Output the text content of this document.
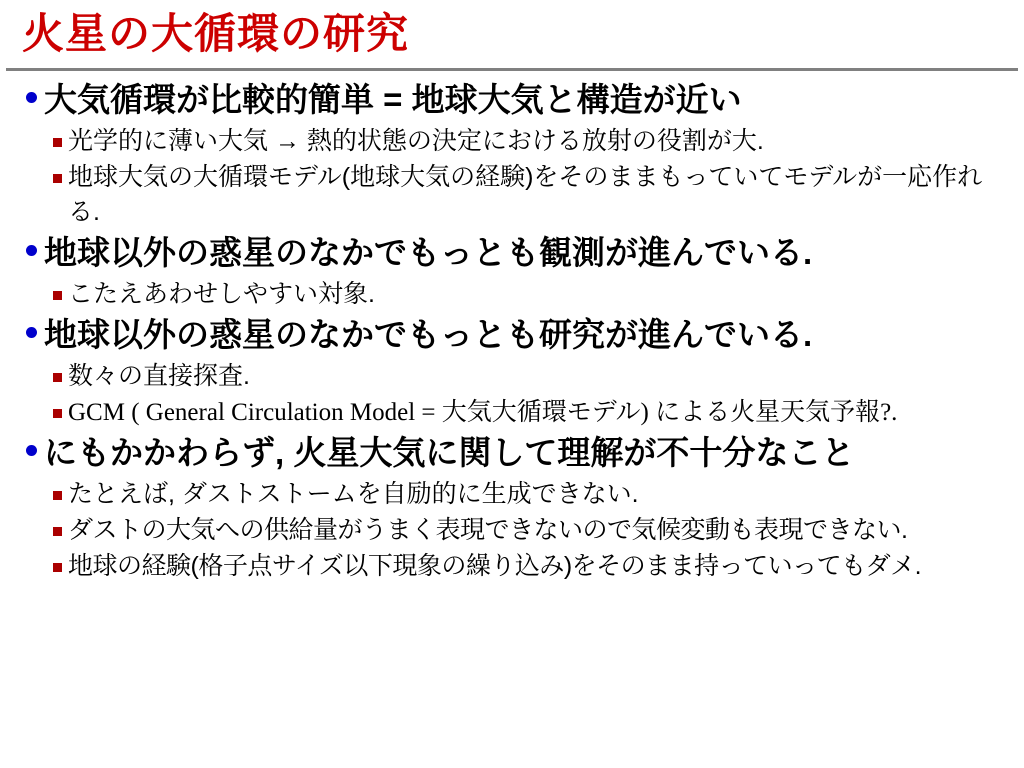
火星の大循環の研究
大気循環が比較的簡単 = 地球大気と構造が近い
光学的に薄い大気 → 熱的状態の決定における放射の役割が大.
地球大気の大循環モデル(地球大気の経験)をそのままもっていてモデルが一応作れる.
地球以外の惑星のなかでもっとも観測が進んでいる.
こたえあわせしやすい対象.
地球以外の惑星のなかでもっとも研究が進んでいる.
数々の直接探査.
GCM ( General Circulation Model = 大気大循環モデル) による火星天気予報?.
にもかかわらず, 火星大気に関して理解が不十分なこと
たとえば, ダストストームを自励的に生成できない.
ダストの大気への供給量がうまく表現できないので気候変動も表現できない.
地球の経験(格子点サイズ以下現象の繰り込み)をそのまま持っていってもダメ.
